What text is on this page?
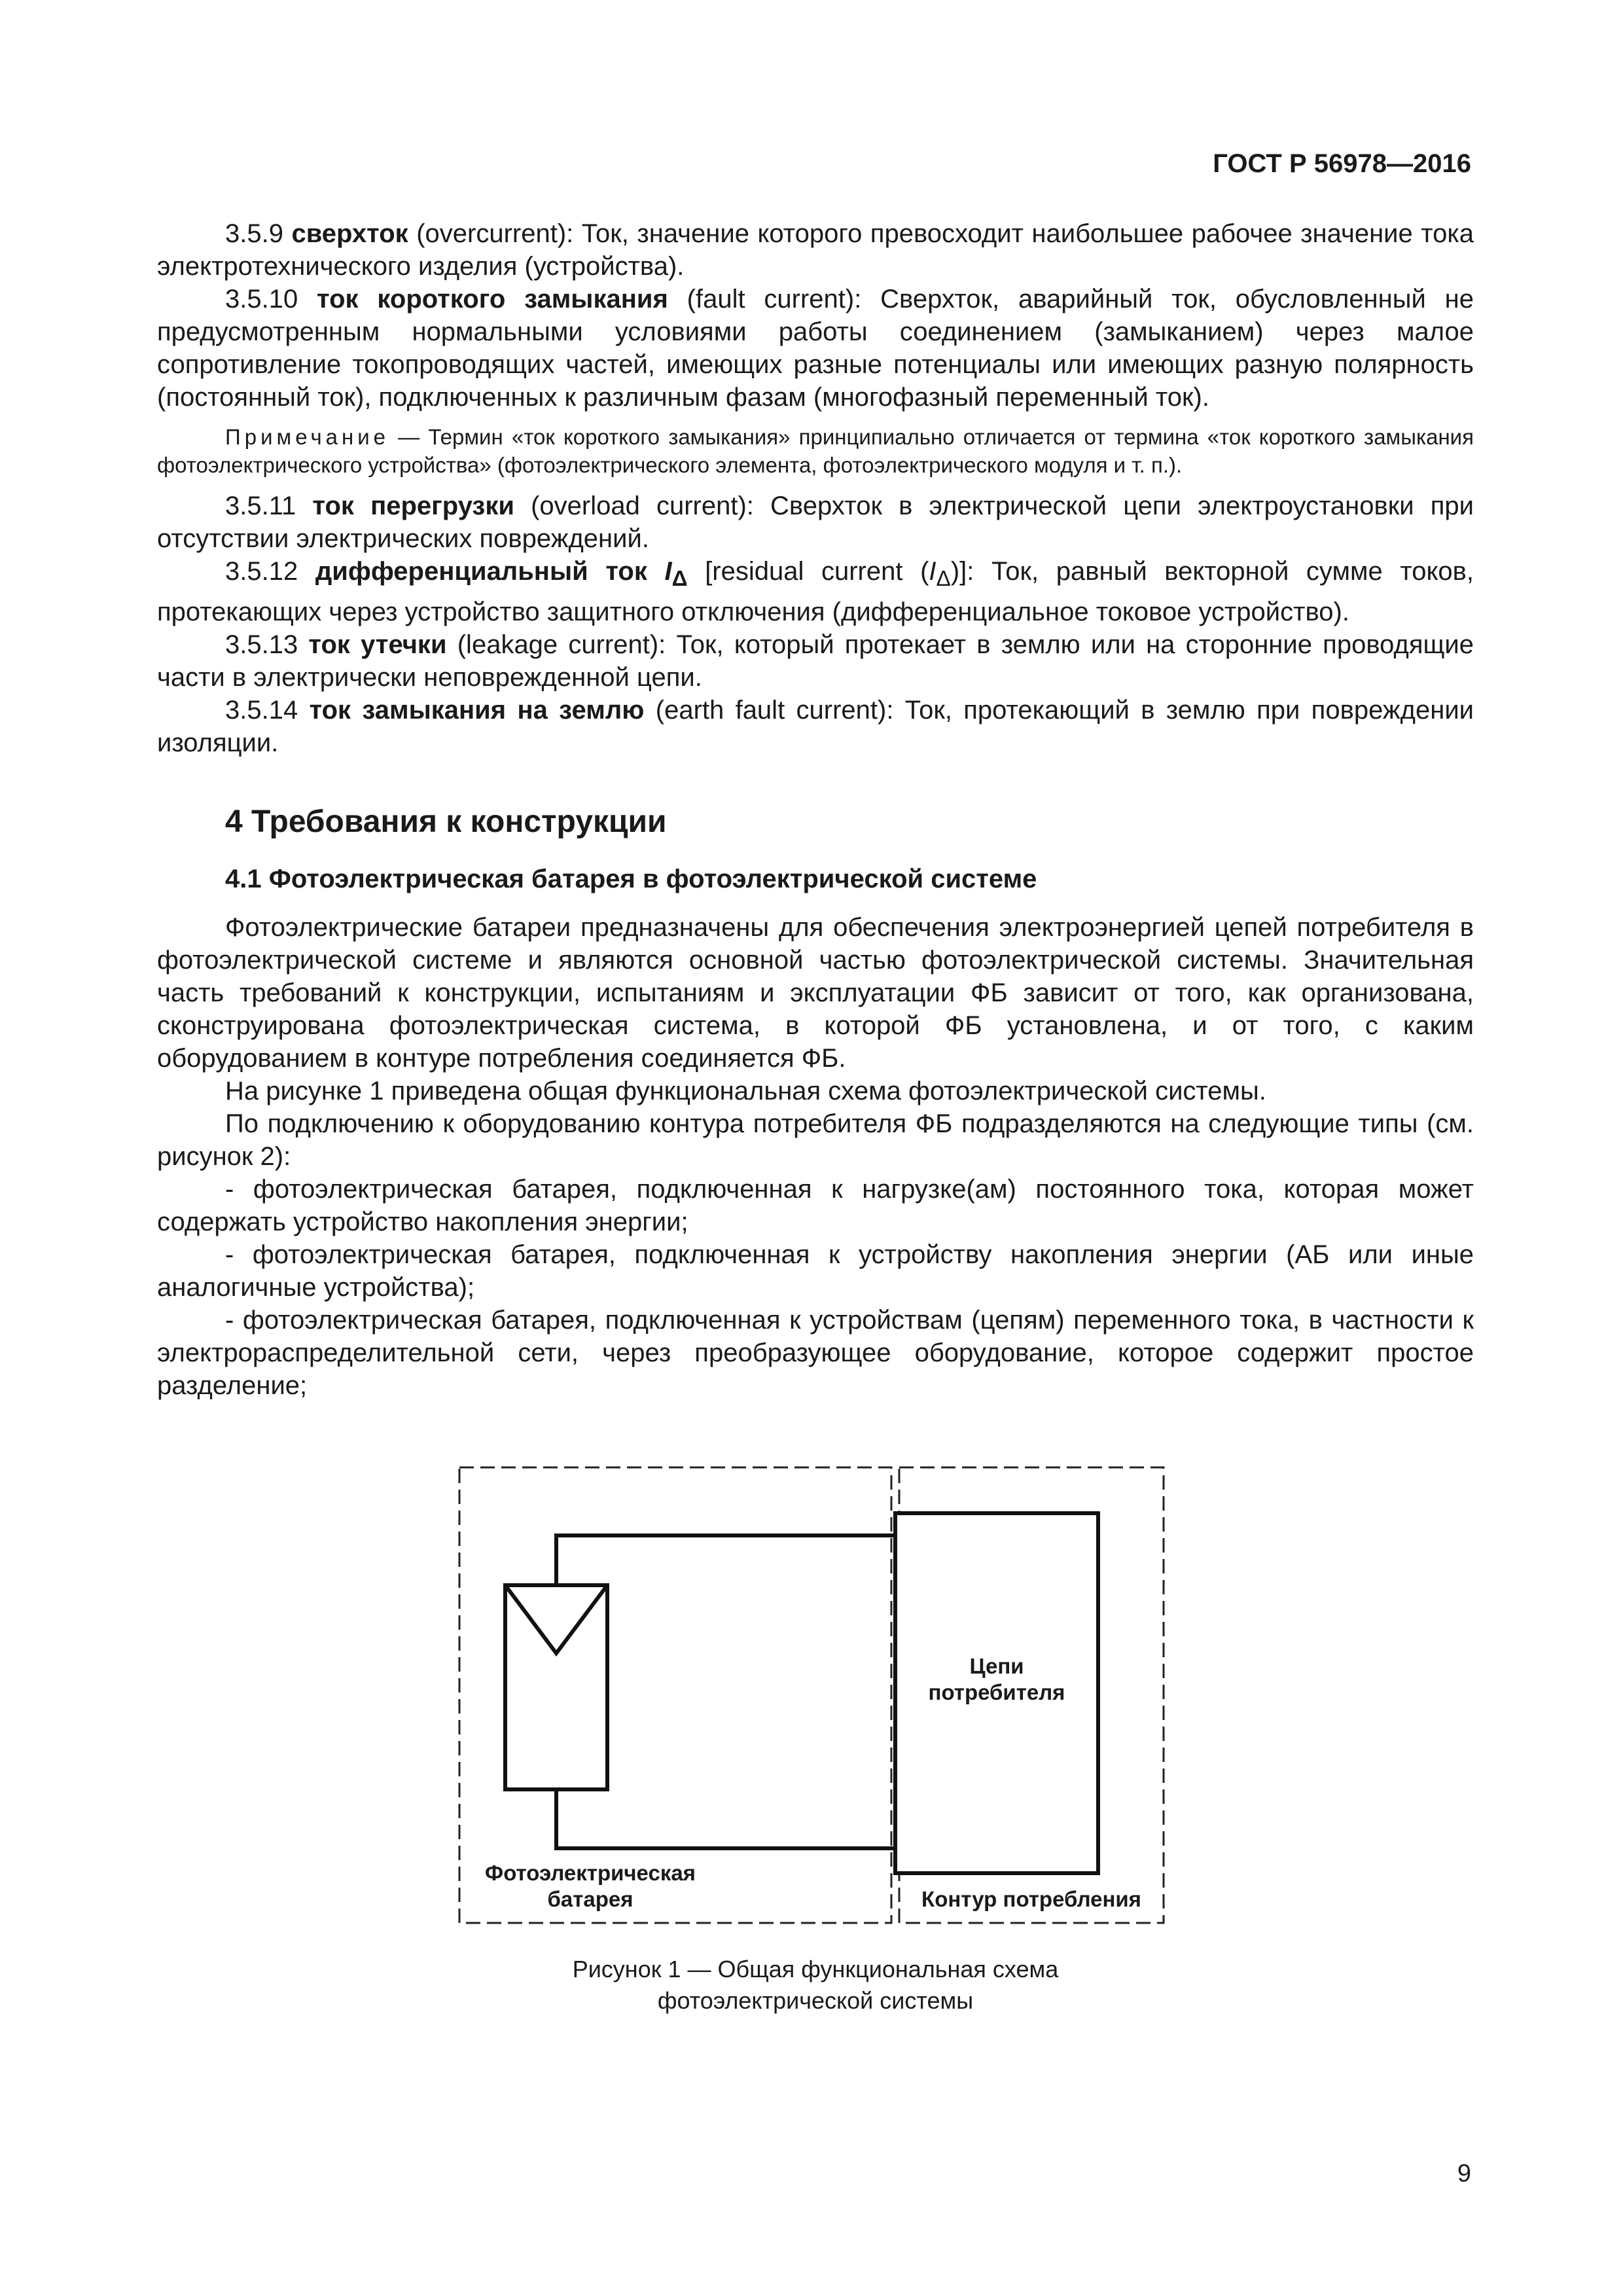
ГОСТ Р 56978—2016

3.5.9 сверхток (overcurrent): Ток, значение которого превосходит наибольшее рабочее значение тока электротехнического изделия (устройства).

3.5.10 ток короткого замыкания (fault current): Сверхток, аварийный ток, обусловленный не предусмотренным нормальными условиями работы соединением (замыканием) через малое сопротивление токопроводящих частей, имеющих разные потенциалы или имеющих разную полярность (постоянный ток), подключенных к различным фазам (многофазный переменный ток).

Примечание — Термин «ток короткого замыкания» принципиально отличается от термина «ток короткого замыкания фотоэлектрического устройства» (фотоэлектрического элемента, фотоэлектрического модуля и т. п.).

3.5.11 ток перегрузки (overload current): Сверхток в электрической цепи электроустановки при отсутствии электрических повреждений.

3.5.12 дифференциальный ток $I_\Delta$ [residual current $(I_\Delta)$]: Ток, равный векторной сумме токов, протекающих через устройство защитного отключения (дифференциальное токовое устройство).

3.5.13 ток утечки (leakage current): Ток, который протекает в землю или на сторонние проводящие части в электрически неповрежденной цепи.

3.5.14 ток замыкания на землю (earth fault current): Ток, протекающий в землю при повреждении изоляции.

4 Требования к конструкции
4.1 Фотоэлектрическая батарея в фотоэлектрической системе

Фотоэлектрические батареи предназначены для обеспечения электроэнергией цепей потребителя в фотоэлектрической системе и являются основной частью фотоэлектрической системы. Значительная часть требований к конструкции, испытаниям и эксплуатации ФБ зависит от того, как организована, сконструирована фотоэлектрическая система, в которой ФБ установлена, и от того, с каким оборудованием в контуре потребления соединяется ФБ.

На рисунке 1 приведена общая функциональная схема фотоэлектрической системы.

По подключению к оборудованию контура потребителя ФБ подразделяются на следующие типы (см. рисунок 2):

- фотоэлектрическая батарея, подключенная к нагрузке(ам) постоянного тока, которая может содержать устройство накопления энергии;

- фотоэлектрическая батарея, подключенная к устройству накопления энергии (АБ или иные аналогичные устройства);

- фотоэлектрическая батарея, подключенная к устройствам (цепям) переменного тока, в частности к электрораспределительной сети, через преобразующее оборудование, которое содержит простое разделение;

Цепи
потребителя
Фотоэлектрическая
батарея	Контур потребления
Рисунок 1 — Общая функциональная схема
фотоэлектрической системы
9
